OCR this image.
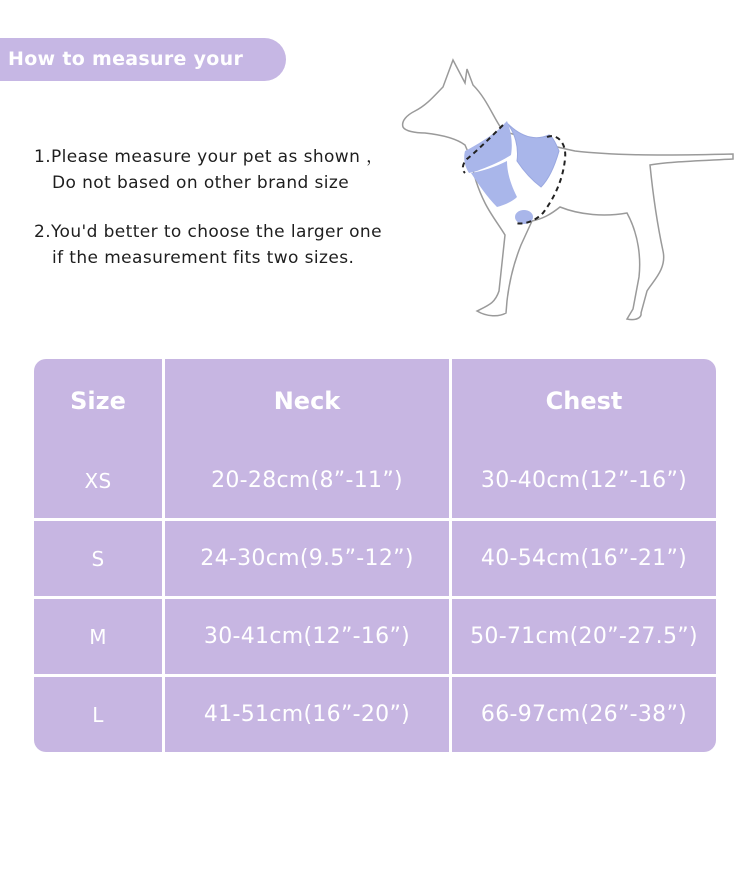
How to measure your pet
1.Please measure your pet as shown ，
Do not based on other brand size
2.You'd better to choose the larger one
if the measurement fits two sizes.
Size	Neck	Chest
XS	20-28cm(8”-11”)	30-40cm(12”-16”)
S	24-30cm(9.5”-12”)	40-54cm(16”-21”)
M	30-41cm(12”-16”)	50-71cm(20”-27.5”)
L	41-51cm(16”-20”)	66-97cm(26”-38”)
